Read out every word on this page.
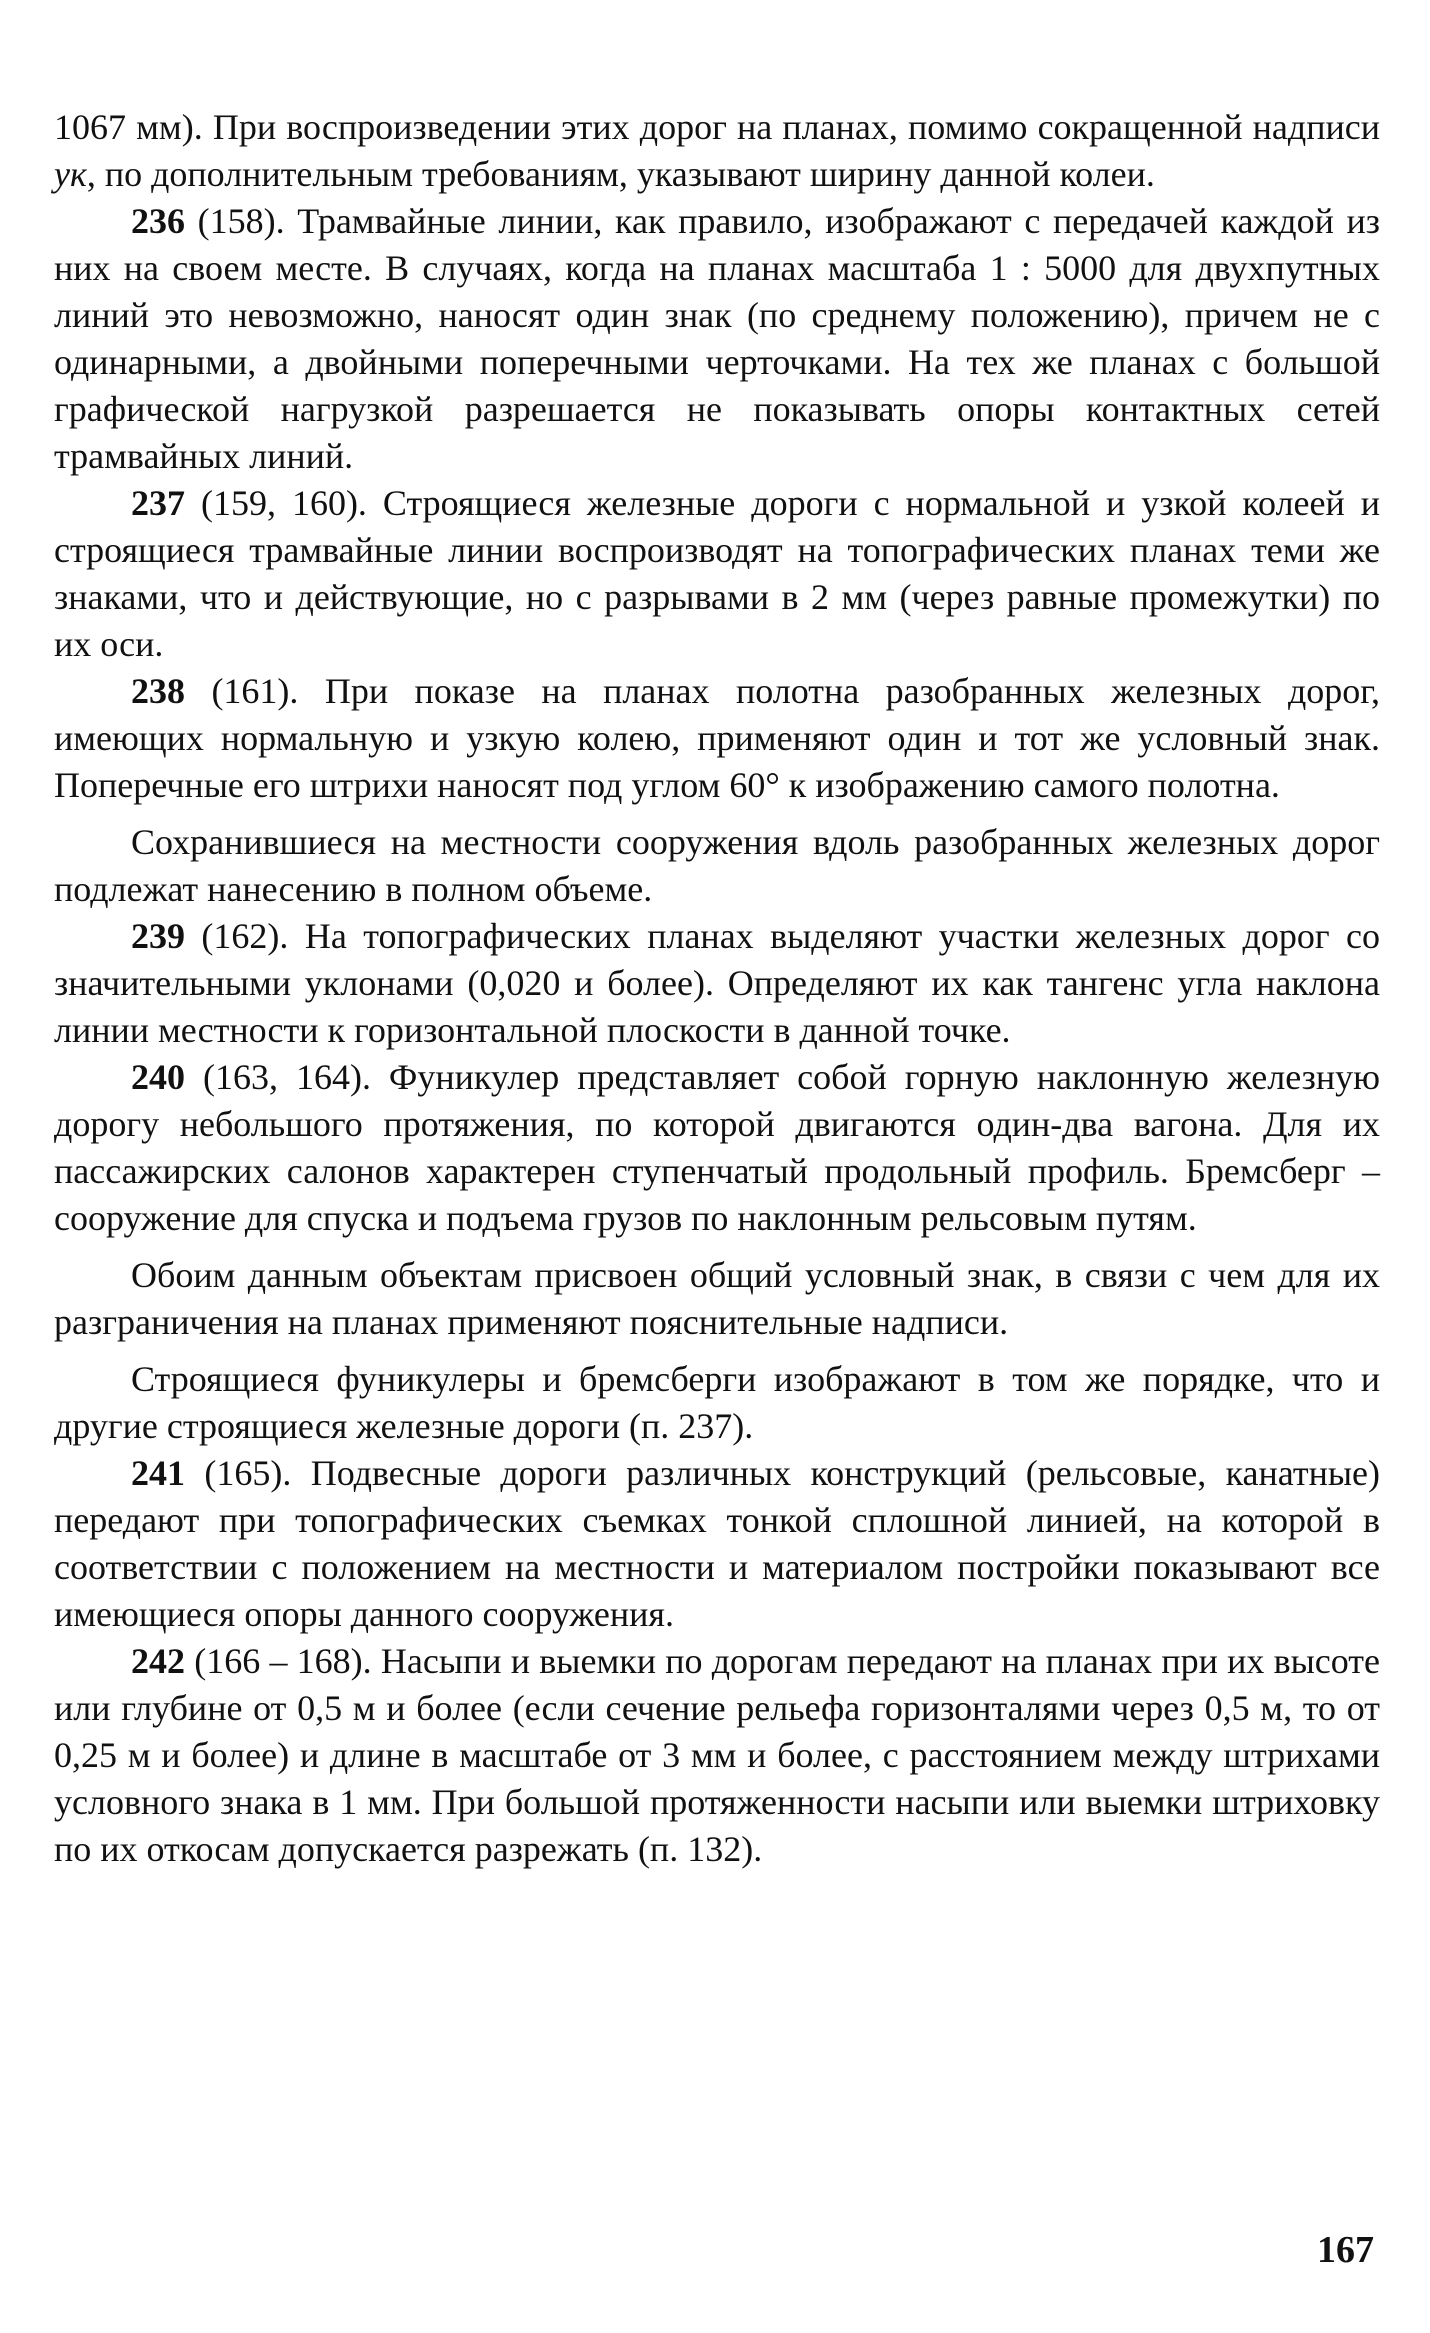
1067 мм). При воспроизведении этих дорог на планах, помимо сокращенной надписи ук, по дополнительным требованиям, указывают ширину данной колеи.

236 (158). Трамвайные линии, как правило, изображают с передачей каждой из них на своем месте. В случаях, когда на планах масштаба 1 : 5000 для двухпутных линий это невозможно, наносят один знак (по среднему положению), причем не с одинарными, а двойными поперечными черточками. На тех же планах с большой графической нагрузкой разрешается не показывать опоры контактных сетей трамвайных линий.

237 (159, 160). Строящиеся железные дороги с нормальной и узкой колеей и строящиеся трамвайные линии воспроизводят на топографических планах теми же знаками, что и действующие, но с разрывами в 2 мм (через равные промежутки) по их оси.

238 (161). При показе на планах полотна разобранных железных дорог, имеющих нормальную и узкую колею, применяют один и тот же условный знак. Поперечные его штрихи наносят под углом 60° к изображению самого полотна.

Сохранившиеся на местности сооружения вдоль разобранных железных дорог подлежат нанесению в полном объеме.

239 (162). На топографических планах выделяют участки железных дорог со значительными уклонами (0,020 и более). Определяют их как тангенс угла наклона линии местности к горизонтальной плоскости в данной точке.

240 (163, 164). Фуникулер представляет собой горную наклонную железную дорогу небольшого протяжения, по которой двигаются один-два вагона. Для их пассажирских салонов характерен ступенчатый продольный профиль. Бремсберг – сооружение для спуска и подъема грузов по наклонным рельсовым путям.

Обоим данным объектам присвоен общий условный знак, в связи с чем для их разграничения на планах применяют пояснительные надписи.

Строящиеся фуникулеры и бремсберги изображают в том же порядке, что и другие строящиеся железные дороги (п. 237).

241 (165). Подвесные дороги различных конструкций (рельсовые, канатные) передают при топографических съемках тонкой сплошной линией, на которой в соответствии с положением на местности и материалом постройки показывают все имеющиеся опоры данного сооружения.

242 (166 – 168). Насыпи и выемки по дорогам передают на планах при их высоте или глубине от 0,5 м и более (если сечение рельефа горизонталями через 0,5 м, то от 0,25 м и более) и длине в масштабе от 3 мм и более, с расстоянием между штрихами условного знака в 1 мм. При большой протяженности насыпи или выемки штриховку по их откосам допускается разрежать (п. 132).

167
